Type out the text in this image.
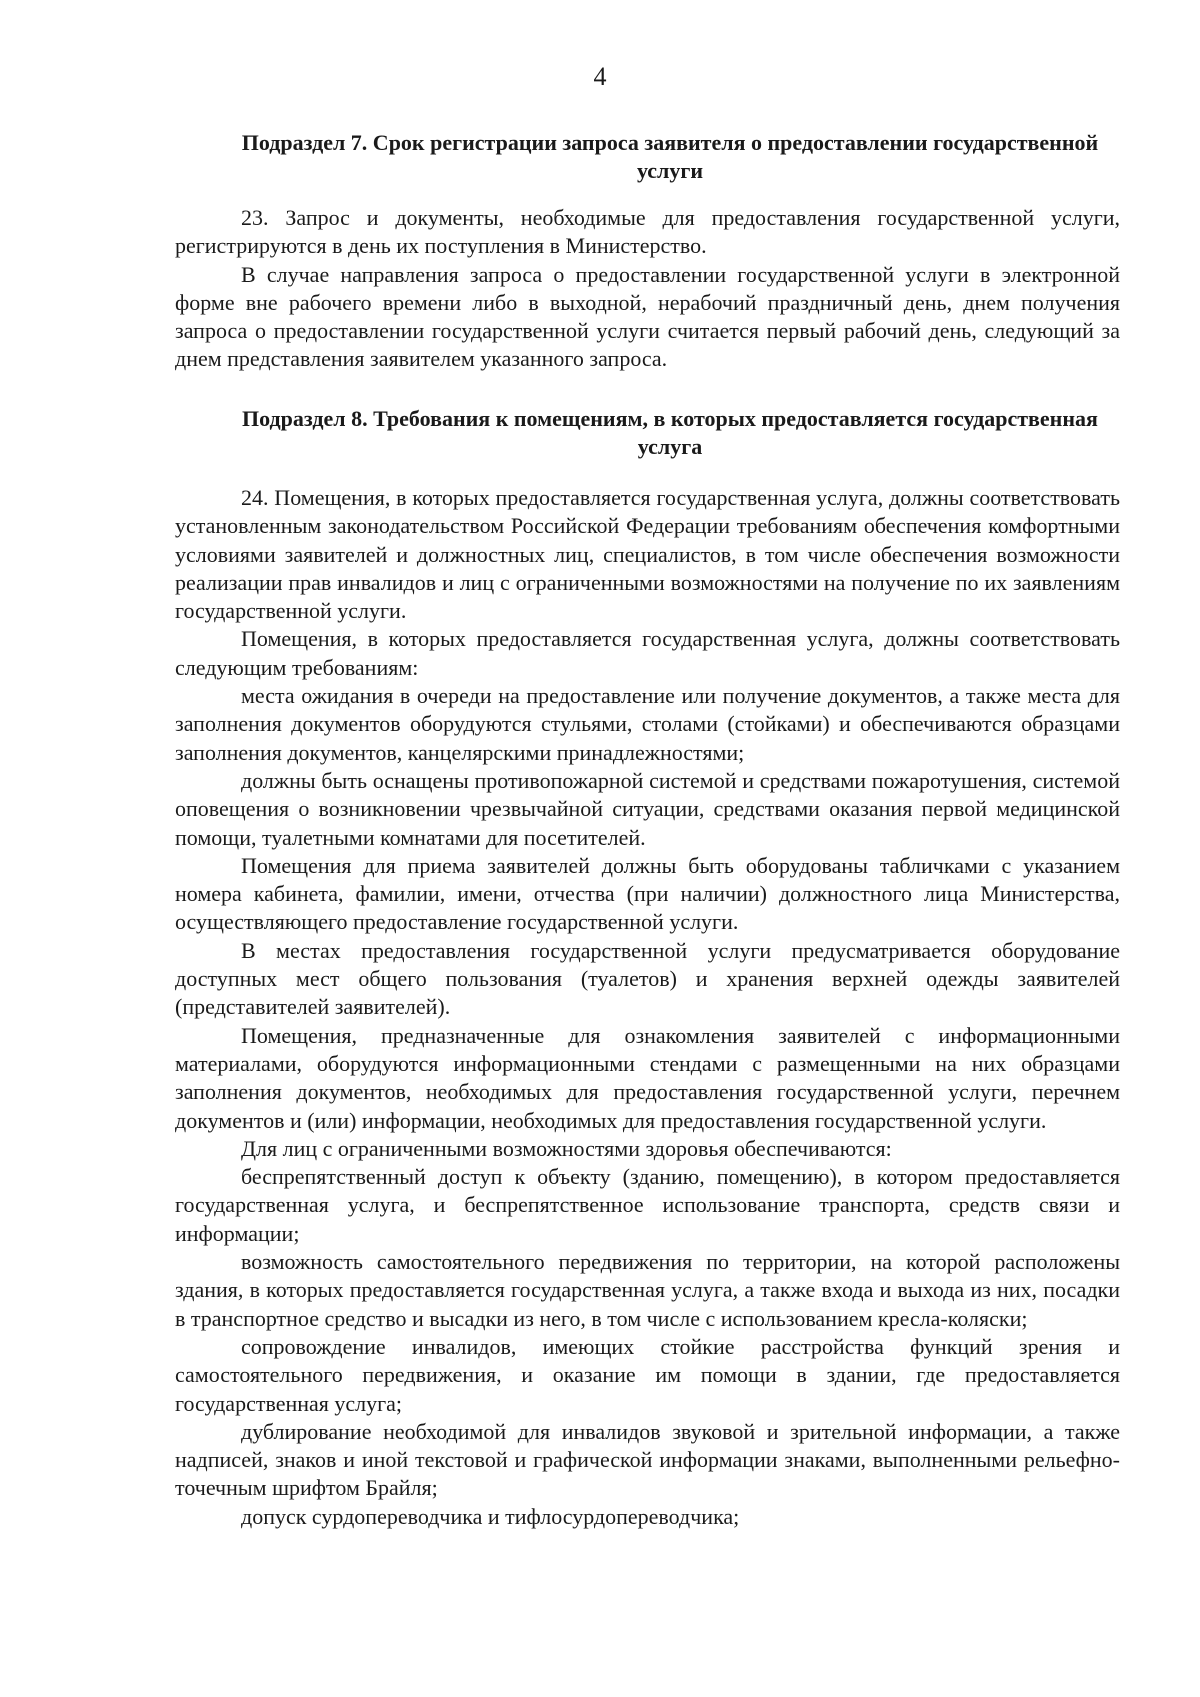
4
Подраздел 7. Срок регистрации запроса заявителя о предоставлении государственной услуги

23. Запрос и документы, необходимые для предоставления государственной услуги, регистрируются в день их поступления в Министерство.

В случае направления запроса о предоставлении государственной услуги в электронной форме вне рабочего времени либо в выходной, нерабочий праздничный день, днем получения запроса о предоставлении государственной услуги считается первый рабочий день, следующий за днем представления заявителем указанного запроса.

Подраздел 8. Требования к помещениям, в которых предоставляется государственная услуга

24. Помещения, в которых предоставляется государственная услуга, должны соответствовать установленным законодательством Российской Федерации требованиям обеспечения комфортными условиями заявителей и должностных лиц, специалистов, в том числе обеспечения возможности реализации прав инвалидов и лиц с ограниченными возможностями на получение по их заявлениям государственной услуги.

Помещения, в которых предоставляется государственная услуга, должны соответствовать следующим требованиям:

места ожидания в очереди на предоставление или получение документов, а также места для заполнения документов оборудуются стульями, столами (стойками) и обеспечиваются образцами заполнения документов, канцелярскими принадлежностями;

должны быть оснащены противопожарной системой и средствами пожаротушения, системой оповещения о возникновении чрезвычайной ситуации, средствами оказания первой медицинской помощи, туалетными комнатами для посетителей.

Помещения для приема заявителей должны быть оборудованы табличками с указанием номера кабинета, фамилии, имени, отчества (при наличии) должностного лица Министерства, осуществляющего предоставление государственной услуги.

В местах предоставления государственной услуги предусматривается оборудование доступных мест общего пользования (туалетов) и хранения верхней одежды заявителей (представителей заявителей).

Помещения, предназначенные для ознакомления заявителей с информационными материалами, оборудуются информационными стендами с размещенными на них образцами заполнения документов, необходимых для предоставления государственной услуги, перечнем документов и (или) информации, необходимых для предоставления государственной услуги.

Для лиц с ограниченными возможностями здоровья обеспечиваются:

беспрепятственный доступ к объекту (зданию, помещению), в котором предоставляется государственная услуга, и беспрепятственное использование транспорта, средств связи и информации;

возможность самостоятельного передвижения по территории, на которой расположены здания, в которых предоставляется государственная услуга, а также входа и выхода из них, посадки в транспортное средство и высадки из него, в том числе с использованием кресла-коляски;

сопровождение инвалидов, имеющих стойкие расстройства функций зрения и самостоятельного передвижения, и оказание им помощи в здании, где предоставляется государственная услуга;

дублирование необходимой для инвалидов звуковой и зрительной информации, а также надписей, знаков и иной текстовой и графической информации знаками, выполненными рельефно-точечным шрифтом Брайля;

допуск сурдопереводчика и тифлосурдопереводчика;
